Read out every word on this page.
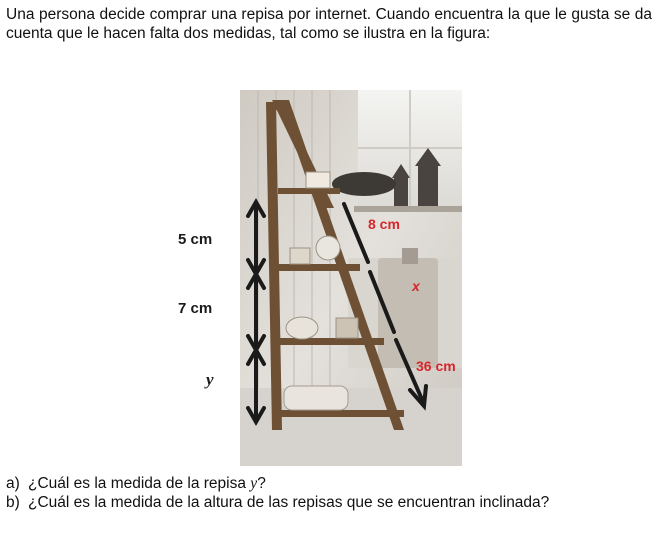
Una persona decide comprar una repisa por internet. Cuando encuentra la que le gusta se da cuenta que le hacen falta dos medidas, tal como se ilustra en la figura:

5 cm
7 cm
y
8 cm
x
36 cm
a) ¿Cuál es la medida de la repisa y?
b) ¿Cuál es la medida de la altura de las repisas que se encuentran inclinada?
